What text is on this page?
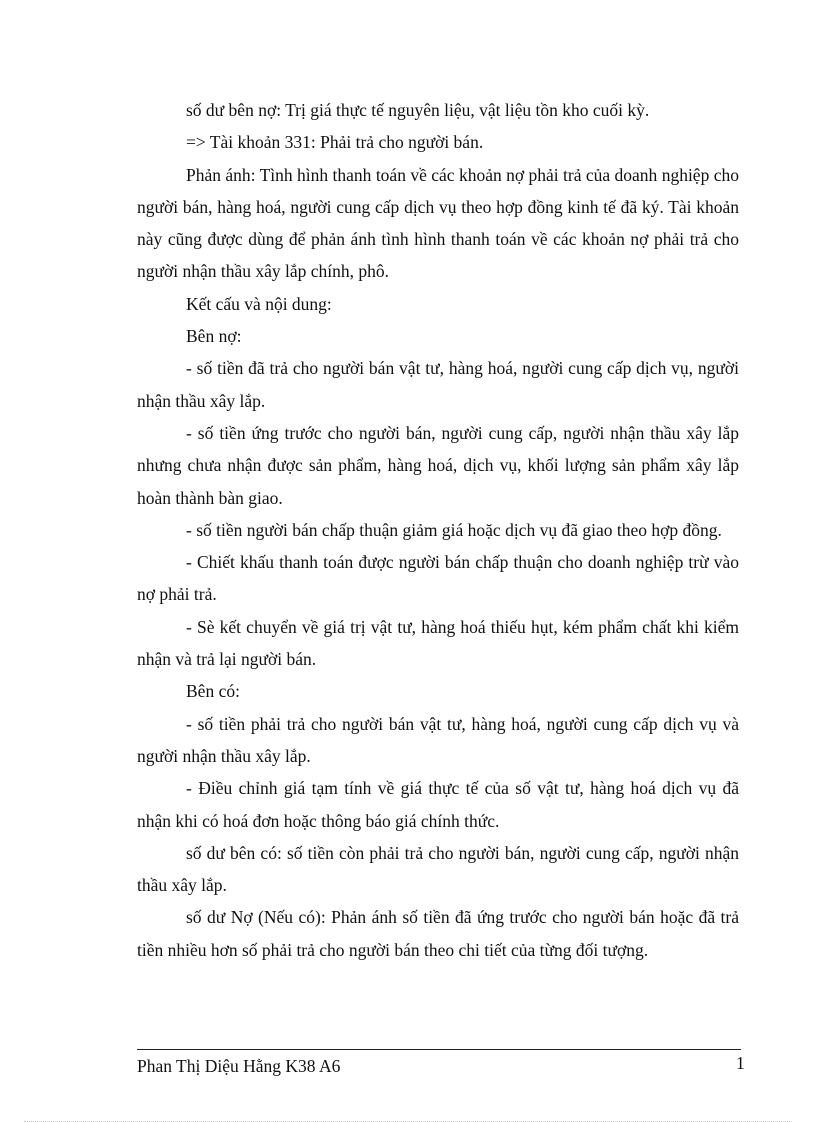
số dư bên nợ: Trị giá thực tế nguyên liệu, vật liệu tồn kho cuối kỳ.

=> Tài khoản 331: Phải trả cho người bán.

Phản ánh: Tình hình thanh toán về các khoản nợ phải trả của doanh nghiệp cho người bán, hàng hoá, người cung cấp dịch vụ theo hợp đồng kinh tế đã ký. Tài khoản này cũng được dùng để phản ánh tình hình thanh toán về các khoản nợ phải trả cho người nhận thầu xây lắp chính, phô.

Kết cấu và nội dung:

Bên nợ:

- số tiền đã trả cho người bán vật tư, hàng hoá, người cung cấp dịch vụ, người nhận thầu xây lắp.

- số tiền ứng trước cho người bán, người cung cấp, người nhận thầu xây lắp nhưng chưa nhận được sản phẩm, hàng hoá, dịch vụ, khối lượng sản phẩm xây lắp hoàn thành bàn giao.

- số tiền người bán chấp thuận giảm giá hoặc dịch vụ đã giao theo hợp đồng.

- Chiết khấu thanh toán được người bán chấp thuận cho doanh nghiệp trừ vào nợ phải trả.

- Sè kết chuyển về giá trị vật tư, hàng hoá thiếu hụt, kém phẩm chất khi kiểm nhận và trả lại người bán.

Bên có:

- số tiền phải trả cho người bán vật tư, hàng hoá, người cung cấp dịch vụ và người nhận thầu xây lắp.

- Điều chỉnh giá tạm tính về giá thực tế của số vật tư, hàng hoá dịch vụ đã nhận khi có hoá đơn hoặc thông báo giá chính thức.

số dư bên có: số tiền còn phải trả cho người bán, người cung cấp, người nhận thầu xây lắp.

số dư Nợ (Nếu có): Phản ánh số tiền đã ứng trước cho người bán hoặc đã trả tiền nhiều hơn số phải trả cho người bán theo chi tiết của từng đối tượng.

Phan Thị Diệu Hằng K38 A6	1
